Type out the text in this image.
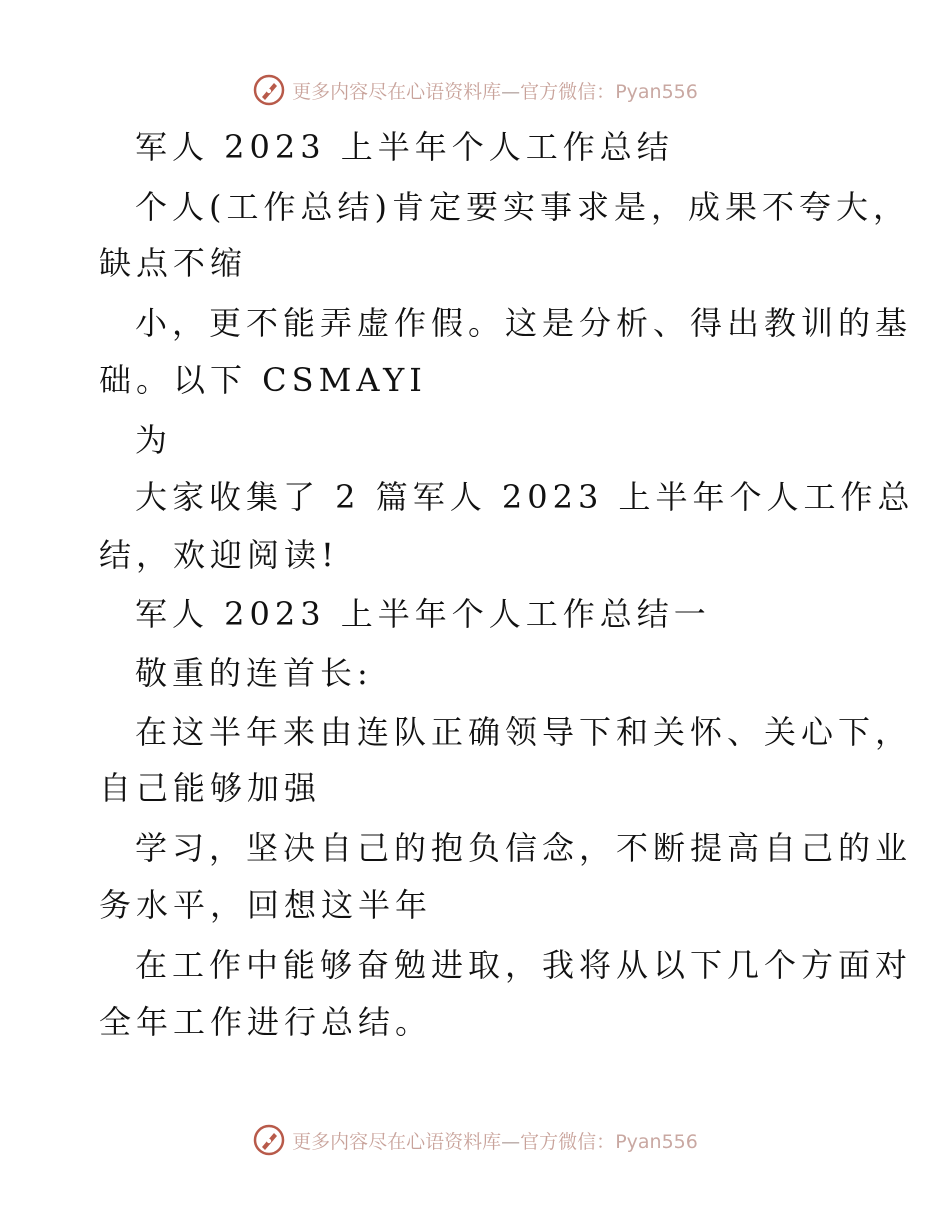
更多内容尽在心语资料库—官方微信：Pyan556
军人 2023 上半年个人工作总结
个人(工作总结)肯定要实事求是，成果不夸大，
缺点不缩
小，更不能弄虚作假。这是分析、得出教训的基
础。以下 CSMAYI
为
大家收集了 2 篇军人 2023 上半年个人工作总
结，欢迎阅读!
军人 2023 上半年个人工作总结一
敬重的连首长:
在这半年来由连队正确领导下和关怀、关心下，
自己能够加强
学习，坚决自己的抱负信念，不断提高自己的业
务水平，回想这半年
在工作中能够奋勉进取，我将从以下几个方面对
全年工作进行总结。
更多内容尽在心语资料库—官方微信：Pyan556
